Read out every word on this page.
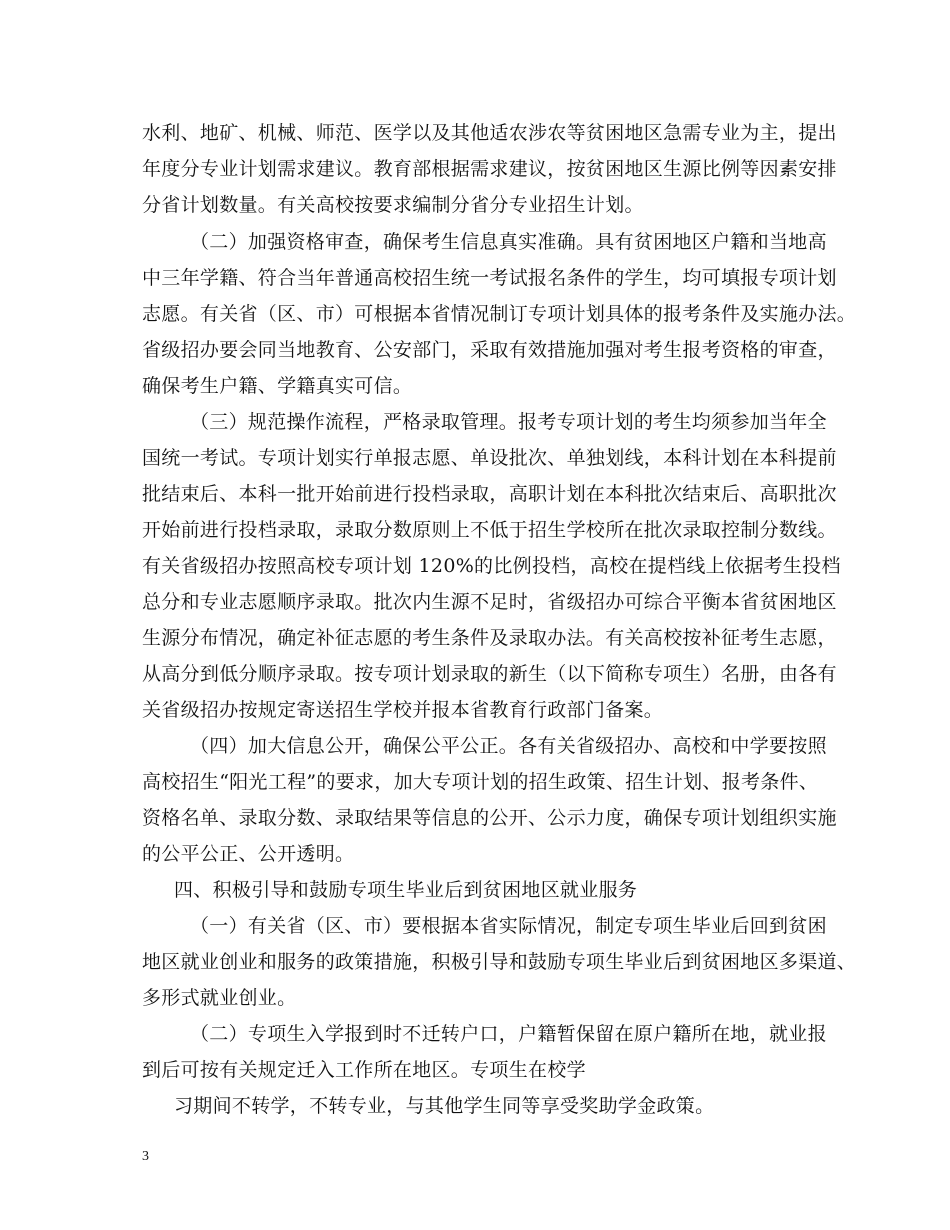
水利、地矿、机械、师范、医学以及其他适农涉农等贫困地区急需专业为主，提出
年度分专业计划需求建议。教育部根据需求建议，按贫困地区生源比例等因素安排
分省计划数量。有关高校按要求编制分省分专业招生计划。
（二）加强资格审查，确保考生信息真实准确。具有贫困地区户籍和当地高
中三年学籍、符合当年普通高校招生统一考试报名条件的学生，均可填报专项计划
志愿。有关省（区、市）可根据本省情况制订专项计划具体的报考条件及实施办法。
省级招办要会同当地教育、公安部门，采取有效措施加强对考生报考资格的审查，
确保考生户籍、学籍真实可信。
（三）规范操作流程，严格录取管理。报考专项计划的考生均须参加当年全
国统一考试。专项计划实行单报志愿、单设批次、单独划线，本科计划在本科提前
批结束后、本科一批开始前进行投档录取，高职计划在本科批次结束后、高职批次
开始前进行投档录取，录取分数原则上不低于招生学校所在批次录取控制分数线。
有关省级招办按照高校专项计划 120%的比例投档，高校在提档线上依据考生投档
总分和专业志愿顺序录取。批次内生源不足时，省级招办可综合平衡本省贫困地区
生源分布情况，确定补征志愿的考生条件及录取办法。有关高校按补征考生志愿，
从高分到低分顺序录取。按专项计划录取的新生（以下简称专项生）名册，由各有
关省级招办按规定寄送招生学校并报本省教育行政部门备案。
（四）加大信息公开，确保公平公正。各有关省级招办、高校和中学要按照
高校招生“阳光工程”的要求，加大专项计划的招生政策、招生计划、报考条件、
资格名单、录取分数、录取结果等信息的公开、公示力度，确保专项计划组织实施
的公平公正、公开透明。
四、积极引导和鼓励专项生毕业后到贫困地区就业服务
（一）有关省（区、市）要根据本省实际情况，制定专项生毕业后回到贫困
地区就业创业和服务的政策措施，积极引导和鼓励专项生毕业后到贫困地区多渠道、
多形式就业创业。
（二）专项生入学报到时不迁转户口，户籍暂保留在原户籍所在地，就业报
到后可按有关规定迁入工作所在地区。专项生在校学
习期间不转学，不转专业，与其他学生同等享受奖助学金政策。
3
